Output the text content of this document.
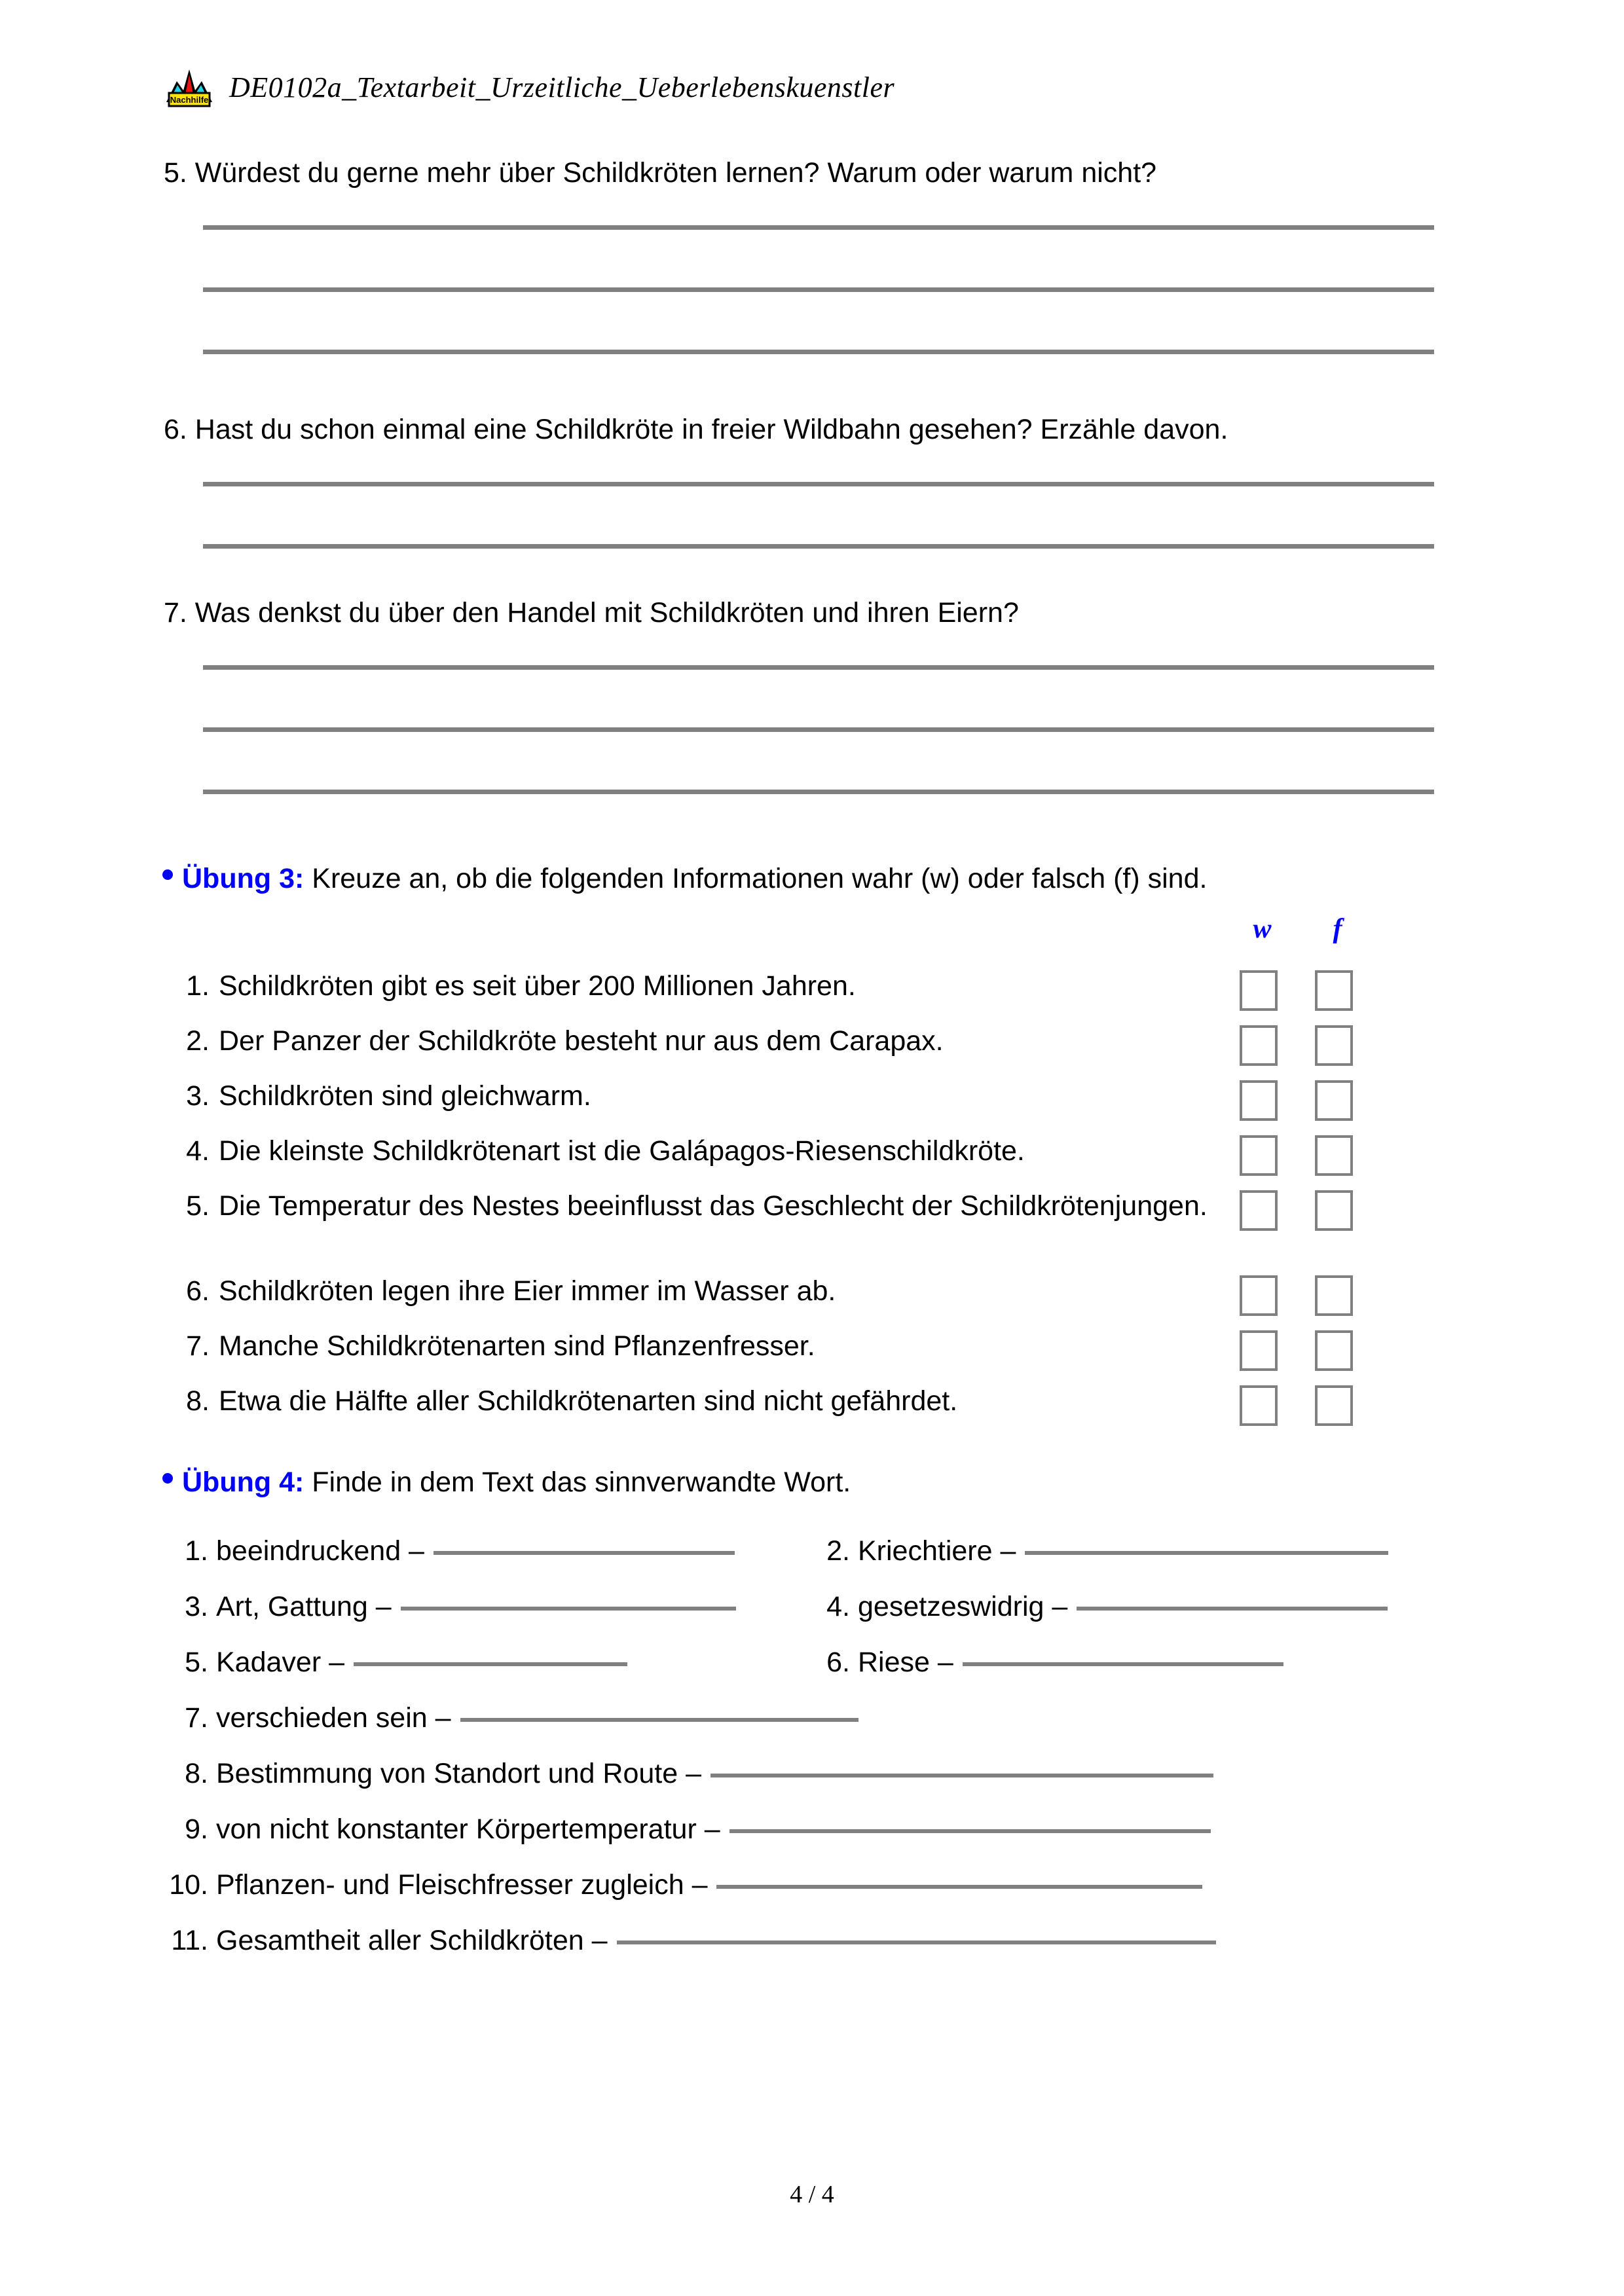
Nachhilfe DE0102a_Textarbeit_Urzeitliche_Ueberlebenskuenstler
5. Würdest du gerne mehr über Schildkröten lernen? Warum oder warum nicht?
6. Hast du schon einmal eine Schildkröte in freier Wildbahn gesehen? Erzähle davon.
7. Was denkst du über den Handel mit Schildkröten und ihren Eiern?
Übung 3: Kreuze an, ob die folgenden Informationen wahr (w) oder falsch (f) sind.
w	f
1. Schildkröten gibt es seit über 200 Millionen Jahren.
2. Der Panzer der Schildkröte besteht nur aus dem Carapax.
3. Schildkröten sind gleichwarm.
4. Die kleinste Schildkrötenart ist die Galápagos-Riesenschildkröte.
5. Die Temperatur des Nestes beeinflusst das Geschlecht der Schildkrötenjungen.
6. Schildkröten legen ihre Eier immer im Wasser ab.
7. Manche Schildkrötenarten sind Pflanzenfresser.
8. Etwa die Hälfte aller Schildkrötenarten sind nicht gefährdet.
Übung 4: Finde in dem Text das sinnverwandte Wort.
1. beeindruckend –	2. Kriechtiere –
3. Art, Gattung –	4. gesetzeswidrig –
5. Kadaver –	6. Riese –
7. verschieden sein –
8. Bestimmung von Standort und Route –
9. von nicht konstanter Körpertemperatur –
10. Pflanzen- und Fleischfresser zugleich –
11. Gesamtheit aller Schildkröten –
4 / 4
